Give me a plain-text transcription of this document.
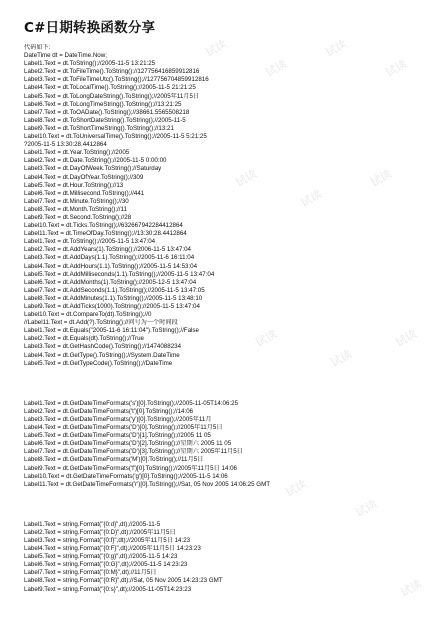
C#日期转换函数分享
代码如下:
DateTime dt = DateTime.Now;
Label1.Text = dt.ToString();//2005-11-5 13:21:25
Label2.Text = dt.ToFileTime().ToString();//127756416859912816
Label3.Text = dt.ToFileTimeUtc().ToString();//127756704859912816
Label4.Text = dt.ToLocalTime().ToString();//2005-11-5 21:21:25
Label5.Text = dt.ToLongDateString().ToString();//2005年11月5日
Label6.Text = dt.ToLongTimeString().ToString();//13:21:25
Label7.Text = dt.ToOADate().ToString();//38661.5565508218
Label8.Text = dt.ToShortDateString().ToString();//2005-11-5
Label9.Text = dt.ToShortTimeString().ToString();//13:21
Label10.Text = dt.ToUniversalTime().ToString();//2005-11-5 5:21:25
?2005-11-5 13:30:28.4412864
Label1.Text = dt.Year.ToString();//2005
Label2.Text = dt.Date.ToString();//2005-11-5 0:00:00
Label3.Text = dt.DayOfWeek.ToString();//Saturday
Label4.Text = dt.DayOfYear.ToString();//309
Label5.Text = dt.Hour.ToString();//13
Label6.Text = dt.Millisecond.ToString();//441
Label7.Text = dt.Minute.ToString();//30
Label8.Text = dt.Month.ToString();//11
Label9.Text = dt.Second.ToString();//28
Label10.Text = dt.Ticks.ToString();//632667942284412864
Label11.Text = dt.TimeOfDay.ToString();//13:30:28.4412864
Label1.Text = dt.ToString();//2005-11-5 13:47:04
Label2.Text = dt.AddYears(1).ToString();//2006-11-5 13:47:04
Label3.Text = dt.AddDays(1.1).ToString();//2005-11-6 16:11:04
Label4.Text = dt.AddHours(1.1).ToString();//2005-11-5 14:53:04
Label5.Text = dt.AddMilliseconds(1.1).ToString();//2005-11-5 13:47:04
Label6.Text = dt.AddMonths(1).ToString();//2005-12-5 13:47:04
Label7.Text = dt.AddSeconds(1.1).ToString();//2005-11-5 13:47:05
Label8.Text = dt.AddMinutes(1.1).ToString();//2005-11-5 13:48:10
Label9.Text = dt.AddTicks(1000).ToString();//2005-11-5 13:47:04
Label10.Text = dt.CompareTo(dt).ToString();//0
//Label11.Text = dt.Add(?).ToString();//问号为一个时间段
Label1.Text = dt.Equals("2005-11-6 16:11:04").ToString();//False
Label2.Text = dt.Equals(dt).ToString();//True
Label3.Text = dt.GetHashCode().ToString();//1474088234
Label4.Text = dt.GetType().ToString();//System.DateTime
Label5.Text = dt.GetTypeCode().ToString();//DateTime
Label1.Text = dt.GetDateTimeFormats('s')[0].ToString();//2005-11-05T14:06:25
Label2.Text = dt.GetDateTimeFormats('t')[0].ToString();//14:06
Label3.Text = dt.GetDateTimeFormats('y')[0].ToString();//2005年11月
Label4.Text = dt.GetDateTimeFormats('D')[0].ToString();//2005年11月5日
Label5.Text = dt.GetDateTimeFormats('D')[1].ToString();//2005 11 05
Label6.Text = dt.GetDateTimeFormats('D')[2].ToString();//星期六 2005 11 05
Label7.Text = dt.GetDateTimeFormats('D')[3].ToString();//星期六 2005年11月5日
Label8.Text = dt.GetDateTimeFormats('M')[0].ToString();//11月5日
Label9.Text = dt.GetDateTimeFormats('f')[0].ToString();//2005年11月5日 14:06
Label10.Text = dt.GetDateTimeFormats('g')[0].ToString();//2005-11-5 14:06
Label11.Text = dt.GetDateTimeFormats('r')[0].ToString();//Sat, 05 Nov 2005 14:06:25 GMT
Label1.Text = string.Format("{0:d}",dt);//2005-11-5
Label2.Text = string.Format("{0:D}",dt);//2005年11月5日
Label3.Text = string.Format("{0:f}",dt);//2005年11月5日 14:23
Label4.Text = string.Format("{0:F}",dt);//2005年11月5日 14:23:23
Label5.Text = string.Format("{0:g}",dt);//2005-11-5 14:23
Label6.Text = string.Format("{0:G}",dt);//2005-11-5 14:23:23
Label7.Text = string.Format("{0:M}",dt);//11月5日
Label8.Text = string.Format("{0:R}",dt);//Sat, 05 Nov 2005 14:23:23 GMT
Label9.Text = string.Format("{0:s}",dt);//2005-11-05T14:23:23
试读
试读
试读
试读
试读
试读
试读
试读
试读
试读
试读
试读
试读
